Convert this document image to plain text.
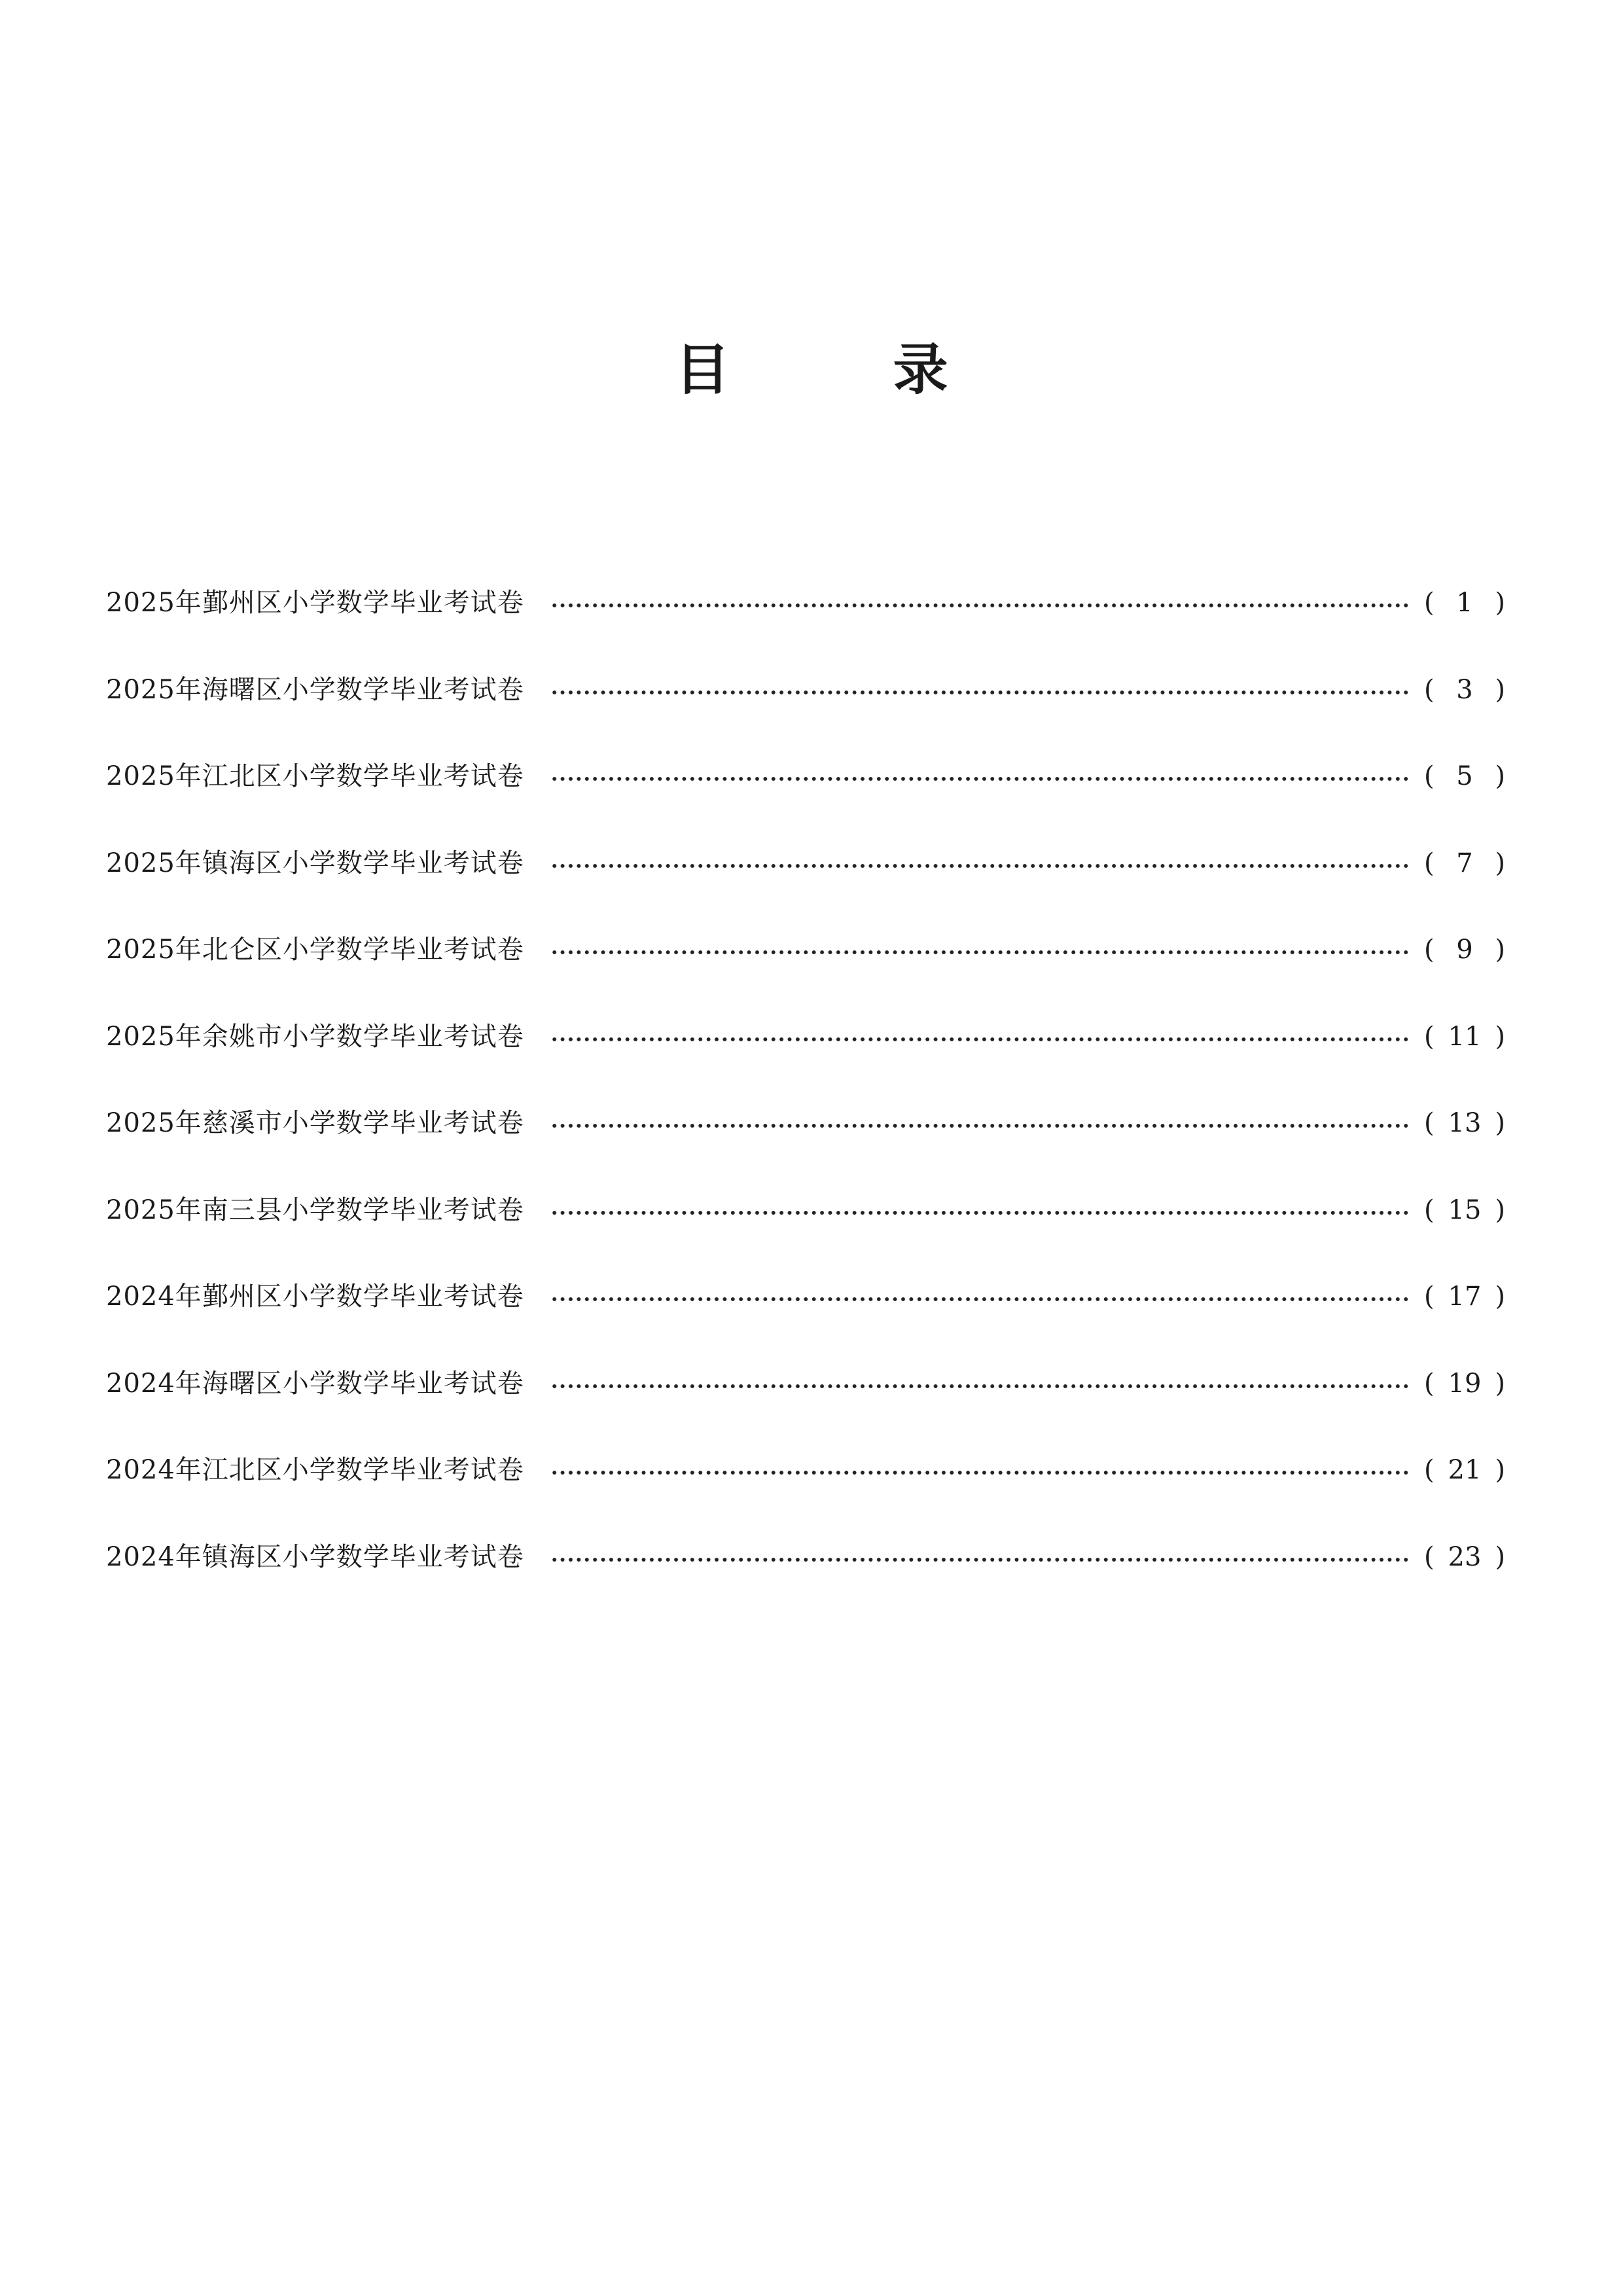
目 录
2025年鄞州区小学数学毕业考试卷	( 1 )
2025年海曙区小学数学毕业考试卷	( 3 )
2025年江北区小学数学毕业考试卷	( 5 )
2025年镇海区小学数学毕业考试卷	( 7 )
2025年北仑区小学数学毕业考试卷	( 9 )
2025年余姚市小学数学毕业考试卷	( 11 )
2025年慈溪市小学数学毕业考试卷	( 13 )
2025年南三县小学数学毕业考试卷	( 15 )
2024年鄞州区小学数学毕业考试卷	( 17 )
2024年海曙区小学数学毕业考试卷	( 19 )
2024年江北区小学数学毕业考试卷	( 21 )
2024年镇海区小学数学毕业考试卷	( 23 )
